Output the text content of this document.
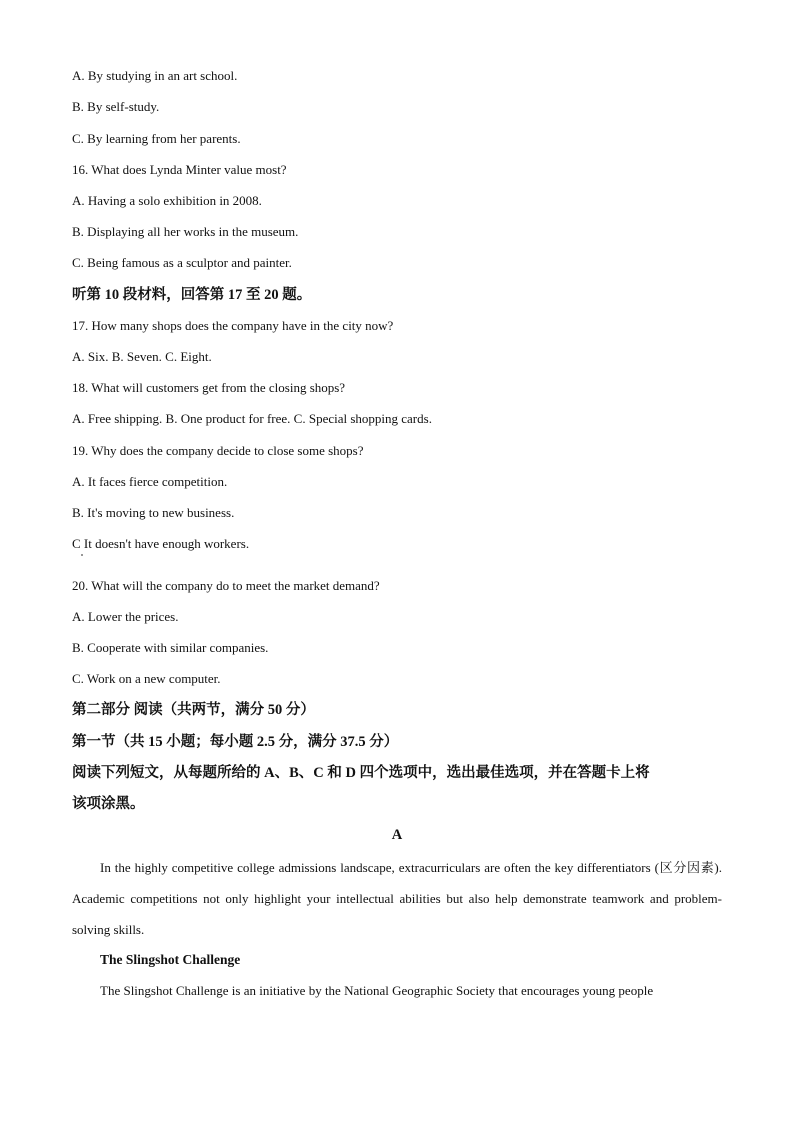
A. By studying in an art school.
B. By self-study.
C. By learning from her parents.
16. What does Lynda Minter value most?
A. Having a solo exhibition in 2008.
B. Displaying all her works in the museum.
C. Being famous as a sculptor and painter.
听第 10 段材料，回答第 17 至 20 题。
17. How many shops does the company have in the city now?
A. Six. B. Seven. C. Eight.
18. What will customers get from the closing shops?
A. Free shipping. B. One product for free. C. Special shopping cards.
19. Why does the company decide to close some shops?
A. It faces fierce competition.
B. It's moving to new business.
C It doesn't have enough workers.
20. What will the company do to meet the market demand?
A. Lower the prices.
B. Cooperate with similar companies.
C. Work on a new computer.
第二部分 阅读（共两节，满分 50 分）
第一节（共 15 小题；每小题 2.5 分，满分 37.5 分）
阅读下列短文，从每题所给的 A、B、C 和 D 四个选项中，选出最佳选项，并在答题卡上将
该项涂黑。
A
In the highly competitive college admissions landscape, extracurriculars are often the key differentiators (区分因素). Academic competitions not only highlight your intellectual abilities but also help demonstrate teamwork and problem-solving skills.
The Slingshot Challenge
The Slingshot Challenge is an initiative by the National Geographic Society that encourages young people
